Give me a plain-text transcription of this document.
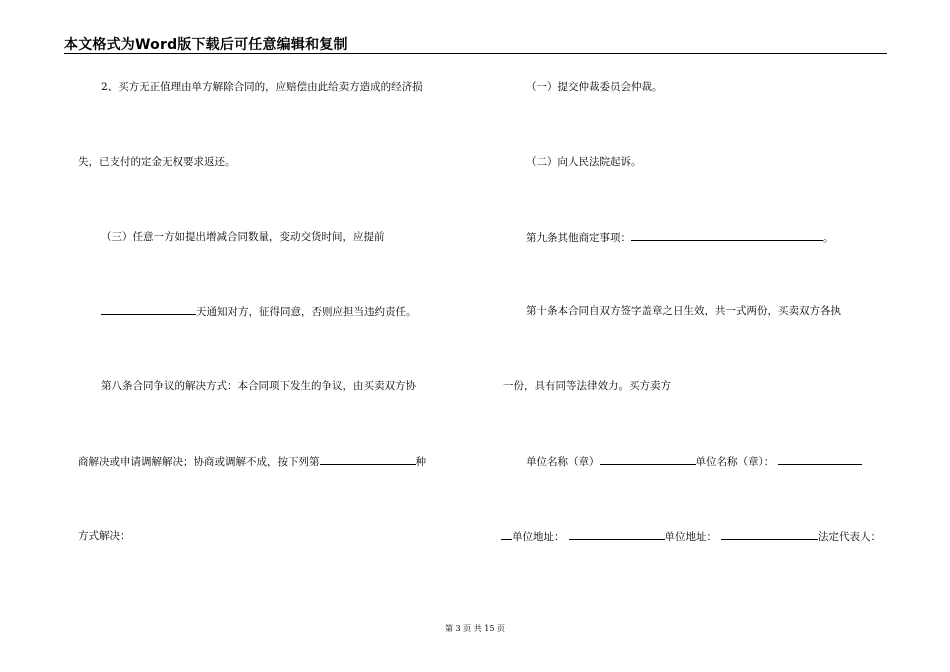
本文格式为Word版下载后可任意编辑和复制
2、买方无正值理由单方解除合同的，应赔偿由此给卖方造成的经济损
失，已支付的定金无权要求返还。
（三）任意一方如提出增减合同数量，变动交货时间，应提前
天通知对方，征得同意，否则应担当违约责任。
第八条合同争议的解决方式：本合同项下发生的争议，由买卖双方协
商解决或申请调解解决；协商或调解不成，按下列第	种
方式解决：
（一）提交仲裁委员会仲裁。
（二）向人民法院起诉。
第九条其他商定事项：	。
第十条本合同自双方签字盖章之日生效，共一式两份，买卖双方各执
一份，具有同等法律效力。买方卖方
单位名称（章）	单位名称（章）：
单位地址：	单位地址：	法定代表人：
第 3 页 共 15 页
